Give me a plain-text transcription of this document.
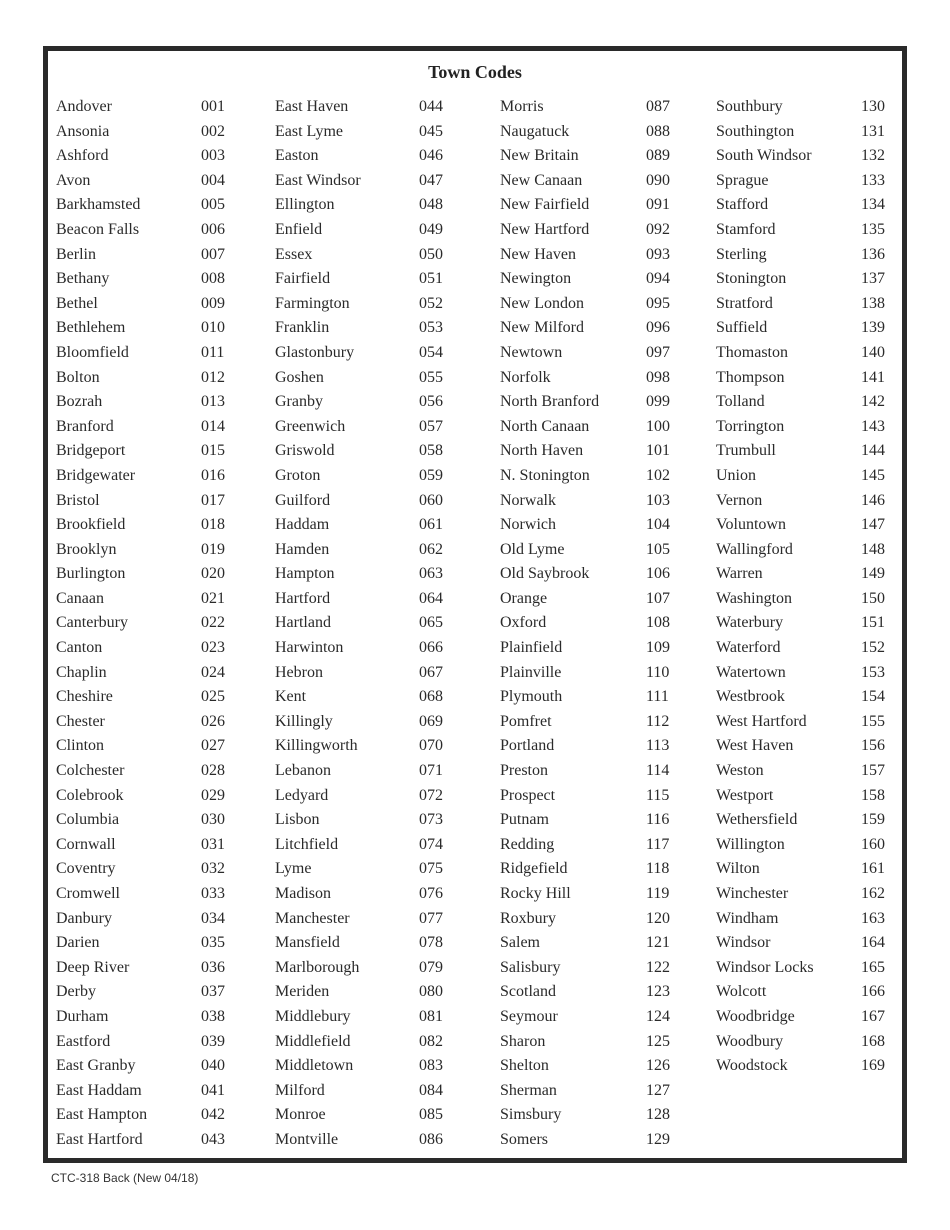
Town Codes
Andover	001
Ansonia	002
Ashford	003
Avon	004
Barkhamsted	005
Beacon Falls	006
Berlin	007
Bethany	008
Bethel	009
Bethlehem	010
Bloomfield	011
Bolton	012
Bozrah	013
Branford	014
Bridgeport	015
Bridgewater	016
Bristol	017
Brookfield	018
Brooklyn	019
Burlington	020
Canaan	021
Canterbury	022
Canton	023
Chaplin	024
Cheshire	025
Chester	026
Clinton	027
Colchester	028
Colebrook	029
Columbia	030
Cornwall	031
Coventry	032
Cromwell	033
Danbury	034
Darien	035
Deep River	036
Derby	037
Durham	038
Eastford	039
East Granby	040
East Haddam	041
East Hampton	042
East Hartford	043
East Haven	044
East Lyme	045
Easton	046
East Windsor	047
Ellington	048
Enfield	049
Essex	050
Fairfield	051
Farmington	052
Franklin	053
Glastonbury	054
Goshen	055
Granby	056
Greenwich	057
Griswold	058
Groton	059
Guilford	060
Haddam	061
Hamden	062
Hampton	063
Hartford	064
Hartland	065
Harwinton	066
Hebron	067
Kent	068
Killingly	069
Killingworth	070
Lebanon	071
Ledyard	072
Lisbon	073
Litchfield	074
Lyme	075
Madison	076
Manchester	077
Mansfield	078
Marlborough	079
Meriden	080
Middlebury	081
Middlefield	082
Middletown	083
Milford	084
Monroe	085
Montville	086
Morris	087
Naugatuck	088
New Britain	089
New Canaan	090
New Fairfield	091
New Hartford	092
New Haven	093
Newington	094
New London	095
New Milford	096
Newtown	097
Norfolk	098
North Branford	099
North Canaan	100
North Haven	101
N. Stonington	102
Norwalk	103
Norwich	104
Old Lyme	105
Old Saybrook	106
Orange	107
Oxford	108
Plainfield	109
Plainville	110
Plymouth	111
Pomfret	112
Portland	113
Preston	114
Prospect	115
Putnam	116
Redding	117
Ridgefield	118
Rocky Hill	119
Roxbury	120
Salem	121
Salisbury	122
Scotland	123
Seymour	124
Sharon	125
Shelton	126
Sherman	127
Simsbury	128
Somers	129
Southbury	130
Southington	131
South Windsor	132
Sprague	133
Stafford	134
Stamford	135
Sterling	136
Stonington	137
Stratford	138
Suffield	139
Thomaston	140
Thompson	141
Tolland	142
Torrington	143
Trumbull	144
Union	145
Vernon	146
Voluntown	147
Wallingford	148
Warren	149
Washington	150
Waterbury	151
Waterford	152
Watertown	153
Westbrook	154
West Hartford	155
West Haven	156
Weston	157
Westport	158
Wethersfield	159
Willington	160
Wilton	161
Winchester	162
Windham	163
Windsor	164
Windsor Locks	165
Wolcott	166
Woodbridge	167
Woodbury	168
Woodstock	169
CTC-318 Back (New 04/18)
